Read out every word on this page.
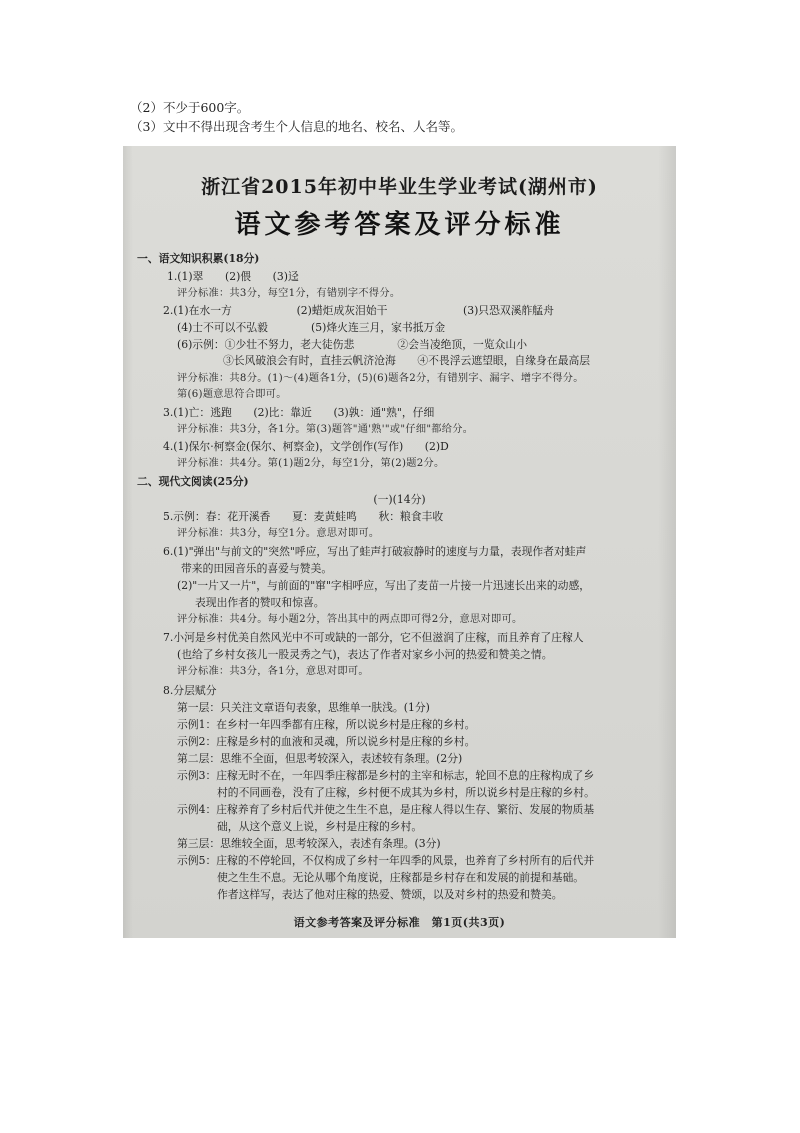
（2）不少于600字。

（3）文中不得出现含考生个人信息的地名、校名、人名等。

浙江省2015年初中毕业生学业考试(湖州市)
语文参考答案及评分标准
一、语文知识积累(18分)
1.(1)翠　　(2)偎　　(3)迳
评分标准：共3分，每空1分，有错别字不得分。
2.(1)在水一方　　　　　　(2)蜡炬成灰泪始干　　　　　　　(3)只恐双溪舴艋舟
(4)士不可以不弘毅　　　　(5)烽火连三月，家书抵万金
(6)示例：①少壮不努力，老大徒伤悲　　　　②会当凌绝顶，一览众山小
③长风破浪会有时，直挂云帆济沧海　　④不畏浮云遮望眼，自缘身在最高层
评分标准：共8分。(1)～(4)题各1分，(5)(6)题各2分，有错别字、漏字、增字不得分。
第(6)题意思符合即可。
3.(1)亡：逃跑　　(2)比：靠近　　(3)孰：通"熟"，仔细
评分标准：共3分，各1分。第(3)题答"通'熟'"或"仔细"都给分。
4.(1)保尔·柯察金(保尔、柯察金)，文学创作(写作)　　(2)D
评分标准：共4分。第(1)题2分，每空1分，第(2)题2分。
二、现代文阅读(25分)
(一)(14分)
5.示例：春：花开溪香　　夏：麦黄蛙鸣　　秋：粮食丰收
评分标准：共3分，每空1分。意思对即可。
6.(1)"弹出"与前文的"突然"呼应，写出了蛙声打破寂静时的速度与力量，表现作者对蛙声
带来的田园音乐的喜爱与赞美。
(2)"一片又一片"，与前面的"窜"字相呼应，写出了麦苗一片接一片迅速长出来的动感，
表现出作者的赞叹和惊喜。
评分标准：共4分。每小题2分，答出其中的两点即可得2分，意思对即可。
7.小河是乡村优美自然风光中不可或缺的一部分，它不但滋润了庄稼，而且养育了庄稼人
(也给了乡村女孩儿一股灵秀之气)，表达了作者对家乡小河的热爱和赞美之情。
评分标准：共3分，各1分，意思对即可。
8.分层赋分
第一层：只关注文章语句表象，思维单一肤浅。(1分)
示例1：在乡村一年四季都有庄稼，所以说乡村是庄稼的乡村。
示例2：庄稼是乡村的血液和灵魂，所以说乡村是庄稼的乡村。
第二层：思维不全面，但思考较深入，表述较有条理。(2分)
示例3：庄稼无时不在，一年四季庄稼都是乡村的主宰和标志，轮回不息的庄稼构成了乡
村的不同画卷，没有了庄稼，乡村便不成其为乡村，所以说乡村是庄稼的乡村。
示例4：庄稼养育了乡村后代并使之生生不息，是庄稼人得以生存、繁衍、发展的物质基
础，从这个意义上说，乡村是庄稼的乡村。
第三层：思维较全面，思考较深入，表述有条理。(3分)
示例5：庄稼的不停轮回，不仅构成了乡村一年四季的风景，也养育了乡村所有的后代并
使之生生不息。无论从哪个角度说，庄稼都是乡村存在和发展的前提和基础。
作者这样写，表达了他对庄稼的热爱、赞颂，以及对乡村的热爱和赞美。
语文参考答案及评分标准　第1页(共3页)
